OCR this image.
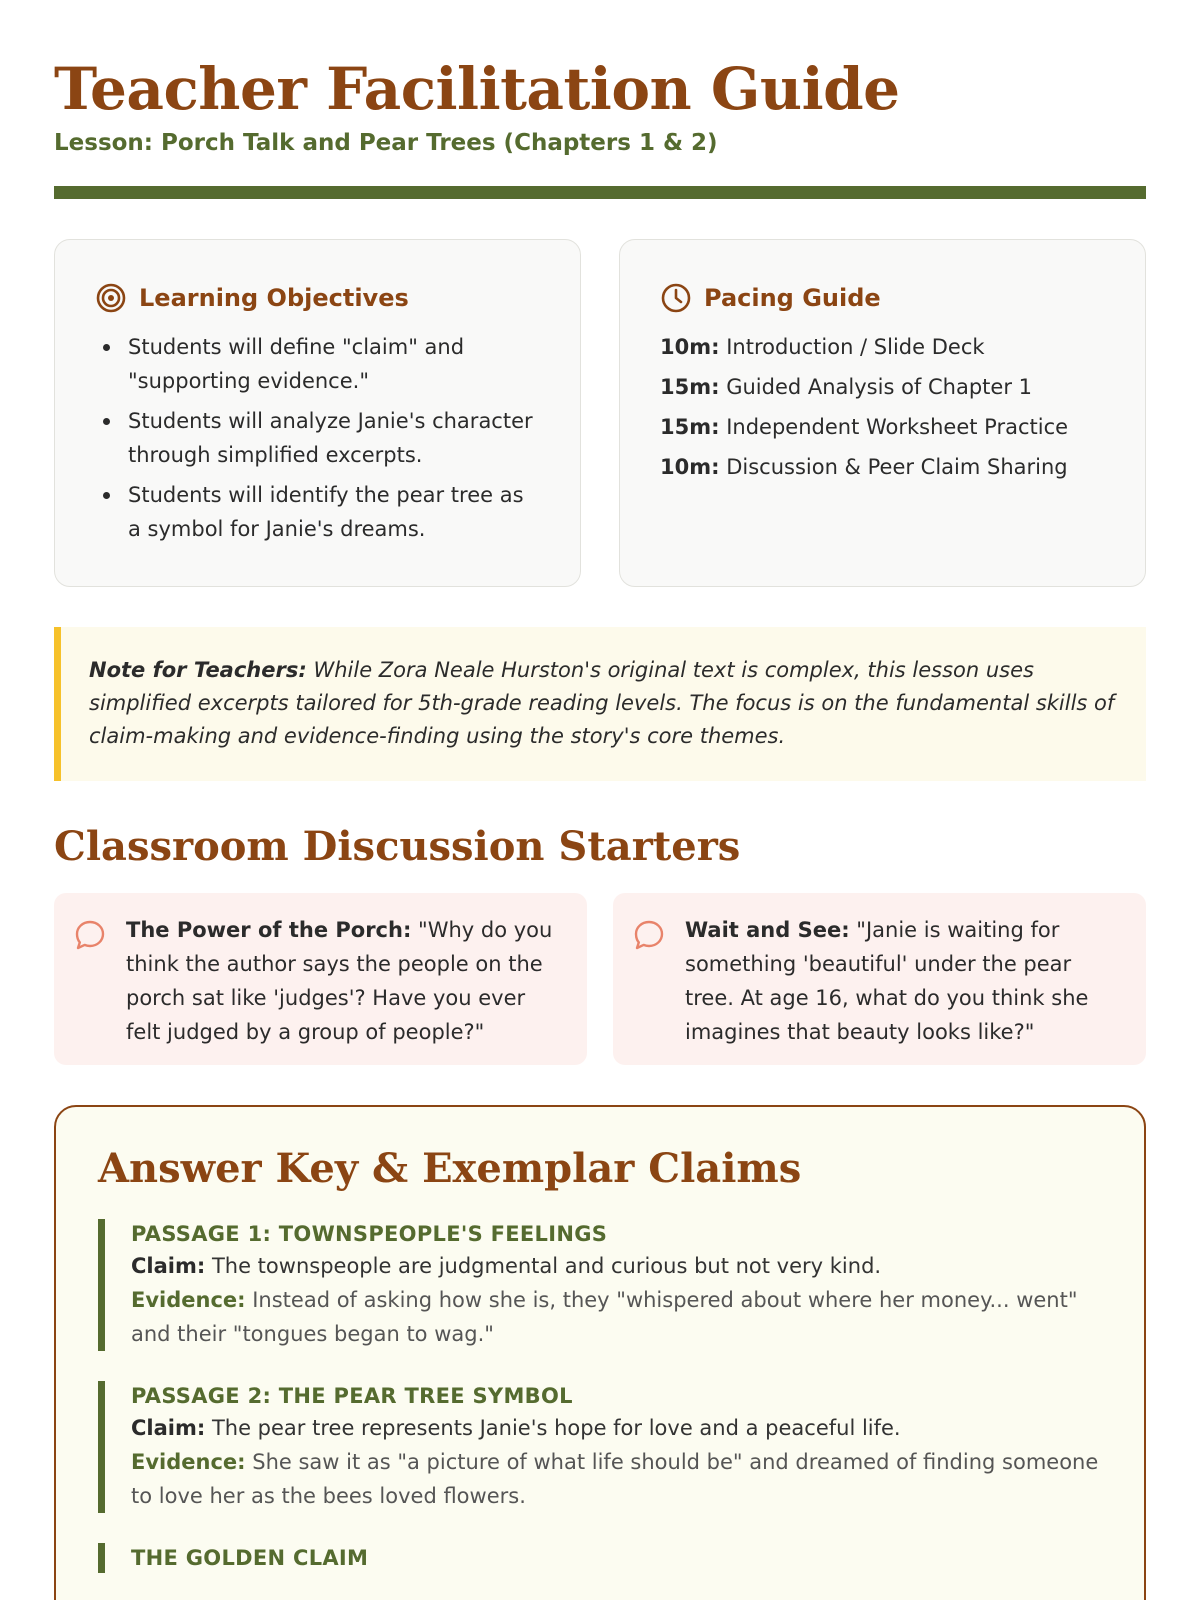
Teacher Facilitation Guide
Lesson: Porch Talk and Pear Trees (Chapters 1 & 2)
Learning Objectives
Students will define "claim" and "supporting evidence."
Students will analyze Janie's character through simplified excerpts.
Students will identify the pear tree as a symbol for Janie's dreams.
Pacing Guide
10m: Introduction / Slide Deck
15m: Guided Analysis of Chapter 1
15m: Independent Worksheet Practice
10m: Discussion & Peer Claim Sharing
Note for Teachers: While Zora Neale Hurston's original text is complex, this lesson uses simplified excerpts tailored for 5th-grade reading levels. The focus is on the fundamental skills of claim-making and evidence-finding using the story's core themes.
Classroom Discussion Starters
The Power of the Porch: "Why do you think the author says the people on the porch sat like 'judges'? Have you ever felt judged by a group of people?"
Wait and See: "Janie is waiting for something 'beautiful' under the pear tree. At age 16, what do you think she imagines that beauty looks like?"
Answer Key & Exemplar Claims
PASSAGE 1: TOWNSPEOPLE'S FEELINGS
Claim: The townspeople are judgmental and curious but not very kind.
Evidence: Instead of asking how she is, they "whispered about where her money... went" and their "tongues began to wag."
PASSAGE 2: THE PEAR TREE SYMBOL
Claim: The pear tree represents Janie's hope for love and a peaceful life.
Evidence: She saw it as "a picture of what life should be" and dreamed of finding someone to love her as the bees loved flowers.
THE GOLDEN CLAIM
